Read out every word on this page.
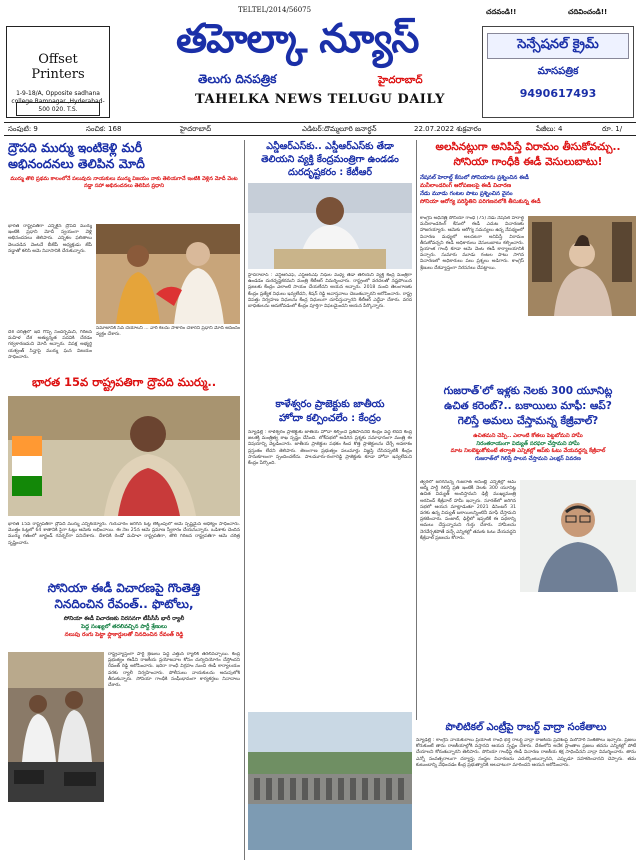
Offset Printers
1-9-18/A, Opposite sadhana college Ramnagar ,Hyderabad-500 020. T.S.
TELTEL/2014/56075
తహెల్కా న్యూస్
తెలుగు దినపత్రిక	హైదరాబాద్
TAHELKA NEWS TELUGU DAILY
చదవండి!!	చదివించండి!!
సెన్సేషనల్ క్రైమ్
మాసపత్రిక
9490617493
సంపుటి: 9	సంచిక: 168	హైదరాబాద్	ఎడిటర్:దొమ్మలూరి జనార్ధన్	22.07.2022 శుక్రవారం	పేజీలు: 4	రూ. 1/
ద్రౌపది ముర్ము ఇంటికెళ్లి మరీ
అభినందనలు తెలిపిన మోదీ
ముర్ము తొలి ప్రథమ కాలంలోనే పలువురు నాయకులు ముర్ము విజయం నాకు తెలియగానే ఇంటికి వెళ్లిన మోదీ వెంట నడ్డా సహా అభినందనలు తెలిపిన ప్రధాని
భారత రాష్ట్రపతిగా ఎన్నికైన ద్రౌపది ముర్ము ఇంటికి ప్రధాని మోదీ స్వయంగా వెళ్లి అభినందనలు తెలిపారు. ఎన్నికల ఫలితాలు వెలువడిన వెంటనే బీజేపీ అధ్యక్షుడు జేపీ నడ్డాతో కలిసి ఆమె నివాసానికి చేరుకున్నారు.
సమాజానికి సేవ చేయాలని ... వారి కలను సాకారం చేశారని ప్రధాని మోదీ ఆనందం వ్యక్తం చేశారు.
దేశ చరిత్రలో ఇది గొప్ప సందర్భమని, గిరిజన మహిళ దేశ అత్యున్నత పదవికి చేరడం గర్వకారణమని మోదీ అన్నారు. విపక్ష అభ్యర్థి యశ్వంత్ సిన్హాపై ముర్ము ఘన విజయం సాధించారు.
భారత 15వ రాష్ట్రపతిగా ద్రౌపది ముర్ము..
భారత 15వ రాష్ట్రపతిగా ద్రౌపది ముర్ము ఎన్నికయ్యారు. గురువారం జరిగిన ఓట్ల లెక్కింపులో ఆమె స్పష్టమైన ఆధిక్యం సాధించారు. మొత్తం ఓట్లలో 64 శాతానికి పైగా ఓట్లు ఆమెకు లభించాయి. ఈ నెల 25న ఆమె ప్రమాణ స్వీకారం చేయనున్నారు. ఒడిశాకు చెందిన ముర్ము గతంలో జార్ఖండ్ గవర్నర్‌గా పనిచేశారు. దేశానికి రెండో మహిళా రాష్ట్రపతిగా, తొలి గిరిజన రాష్ట్రపతిగా ఆమె చరిత్ర సృష్టించారు.
సోనియా ఈడీ విచారణపై గొంతెత్తి
నినదించిన రేవంత్.. ఫొటోలు,
సోనియా ఈడీ విచారణకు నిరసనగా టీపీసీసీ భారీ ర్యాలీ
పెద్ద సంఖ్యలో తరలివచ్చిన పార్టీ శ్రేణులు
నలుపు రంగు పెట్టా ఫ్లాకార్డులతో నినదించిన రేవంత్ రెడ్డి
రాష్ట్రవ్యాప్తంగా పార్టీ శ్రేణులు పెద్ద ఎత్తున ర్యాలీకి తరలివచ్చాయి. కేంద్ర ప్రభుత్వం ఈడీని రాజకీయ ప్రయోజనాల కోసం దుర్వినియోగం చేస్తోందని రేవంత్ రెడ్డి ఆరోపించారు. ఇదిరా గాంధీ విగ్రహం నుంచి ఈడీ కార్యాలయం వరకు ర్యాలీ నిర్వహించారు. పోలీసులు నాయకులను అదుపులోకి తీసుకున్నారు. సోనియా గాంధీకి సంఘీభావంగా కార్యకర్తలు నినాదాలు చేశారు.
ఎన్డీఆర్ఎస్‌కు.. ఎస్డీఆర్ఎస్‌కు తేడా
తెలియని వ్యక్తి కేంద్రమంత్రిగా ఉండడం
దురదృష్టకరం : కేటీఆర్
హైదరాబాద్ : ఎన్డీఆర్ఎఫ్, ఎస్డీఆర్ఎఫ్ నిధుల మధ్య తేడా తెలియని వ్యక్తి కేంద్ర మంత్రిగా ఉండడం దురదృష్టకరమని మంత్రి కేటీఆర్ విమర్శించారు. రాష్ట్రంలో వరదలతో నష్టపోయిన ప్రజలకు కేంద్రం ఎలాంటి సాయం చేయలేదని ఆయన అన్నారు. 2018 నుంచి తెలంగాణకు కేంద్రం ప్రత్యేక నిధులు ఇవ్వలేదని, కిషన్ రెడ్డి అవాస్తవాలు చెబుతున్నారని ఆరోపించారు. రాష్ట్ర విపత్తు నిర్వహణ నిధులను కేంద్ర నిధులుగా చూపిస్తున్నారని కేటీఆర్ ఎద్దేవా చేశారు. వరద బాధితులను ఆదుకోవడంలో కేంద్రం పూర్తిగా విఫలమైందని ఆయన పేర్కొన్నారు.
కాళేశ్వరం ప్రాజెక్టుకు జాతీయ
హోదా కల్పించలేం : కేంద్రం
న్యూఢిల్లీ : కాళేశ్వరం ప్రాజెక్టుకు జాతీయ హోదా కల్పించే ప్రతిపాదనేదీ కేంద్రం వద్ద లేదని కేంద్ర జలశక్తి మంత్రిత్వ శాఖ స్పష్టం చేసింది. లోక్‌సభలో అడిగిన ప్రశ్నకు సమాధానంగా మంత్రి ఈ విషయాన్ని వెల్లడించారు. జాతీయ ప్రాజెక్టుల పథకం కింద కొత్త ప్రాజెక్టులను చేర్చే అవకాశం ప్రస్తుతం లేదని తెలిపారు. తెలంగాణ ప్రభుత్వం పలుమార్లు విజ్ఞప్తి చేసినప్పటికీ కేంద్రం సానుకూలంగా స్పందించలేదు. పాలమూరు-రంగారెడ్డి ప్రాజెక్టుకు కూడా హోదా ఇవ్వలేమని కేంద్రం పేర్కొంది.
అలసినట్లుగా అనిపిస్తే విరామం తీసుకోవచ్చు..
సోనియా గాంధీకి ఈడీ వెసులుబాటు!
నేషనల్ హెరాల్డ్ కేసులో సోనియాను ప్రశ్నించిన ఈడీ
మనీలాండరింగ్ ఆరోపణలపై ఈడీ విచారణ
నేడు మూడు గంటల పాటు ప్రశ్నించిన వైనం
సోనియా ఆరోగ్య పరిస్థితిని పరిగణనలోకి తీసుకున్న ఈడీ
కాంగ్రెస్ అధినేత్రి సోనియా గాంధీ (75) నేడు నేషనల్ హెరాల్డ్ మనీలాండరింగ్ కేసులో ఈడీ ఎదుట విచారణకు హాజరయ్యారు. ఆమెకు ఆరోగ్య సమస్యలు ఉన్న నేపథ్యంలో విచారణ మధ్యలో అలసటగా అనిపిస్తే విరామం తీసుకోవచ్చని ఈడీ అధికారులు వెసులుబాటు కల్పించారు. ప్రియాంక గాంధీ కూడా ఆమె వెంట ఈడీ కార్యాలయానికి వచ్చారు. సుమారు మూడు గంటల పాటు సాగిన విచారణలో అధికారులు పలు ప్రశ్నలు అడిగారు. కాంగ్రెస్ శ్రేణులు దేశవ్యాప్తంగా నిరసనలు చేపట్టాయి.
గుజరాత్'లో ఇళ్లకు నెలకు 300 యూనిట్ల
ఉచిత కరెంట్?.. బకాయిలు మాఫీ: ఆప్?
గెలిస్తే అమలు చేస్తామన్న కేజ్రీవాల్?
ఉచితమని చెప్పి.. ఎలాంటి కోతలు పెట్టబోమని హామీ
నిరంతరాయంగా విద్యుత్ సరఫరా చేస్తామని హామీ
మాట నిలబెట్టుకోకుంటే తర్వాతి ఎన్నికల్లో ఆప్‌కు ఓటు వేయవద్దన్న కేజ్రీవాల్
గుజరాత్‌లో గెలిస్తే పాలన చేస్తామని ఎలక్షన్ వివరణ
త్వరలో జరగనున్న గుజరాత్ అసెంబ్లీ ఎన్నికల్లో ఆమ్ ఆద్మీ పార్టీ గెలిస్తే ప్రతి ఇంటికీ నెలకు 300 యూనిట్ల ఉచిత విద్యుత్ అందిస్తామని ఢిల్లీ ముఖ్యమంత్రి అరవింద్ కేజ్రీవాల్ హామీ ఇచ్చారు. సూరత్‌లో జరిగిన సభలో ఆయన మాట్లాడుతూ 2021 డిసెంబర్ 31 వరకు ఉన్న విద్యుత్ బకాయిలన్నింటినీ మాఫీ చేస్తామని ప్రకటించారు. పంజాబ్, ఢిల్లీలో ఇప్పటికే ఈ పథకాన్ని అమలు చేస్తున్నామని గుర్తు చేశారు. హామీలను నెరవేర్చకపోతే వచ్చే ఎన్నికల్లో తమకు ఓటు వేయవద్దని కేజ్రీవాల్ ప్రజలను కోరారు.
పొలిటికల్ ఎంట్రీపై రాబర్ట్ వాద్రా సంకేతాలు
న్యూఢిల్లీ : కాంగ్రెస్ నాయకురాలు ప్రియాంక గాంధీ భర్త రాబర్ట్ వాద్రా రాజకీయ ప్రవేశంపై మరోసారి సంకేతాలు ఇచ్చారు. ప్రజలు కోరుకుంటే తాను రాజకీయాల్లోకి వస్తానని ఆయన స్పష్టం చేశారు. దేశంలోని అనేక ప్రాంతాల ప్రజలు తనను ఎన్నికల్లో పోటీ చేయాలని కోరుతున్నారని తెలిపారు. సోనియా గాంధీపై ఈడీ విచారణ రాజకీయ కక్ష సాధింపేనని వాద్రా విమర్శించారు. తాను ఎన్నో సంవత్సరాలుగా దర్యాప్తు సంస్థల విచారణను ఎదుర్కొంటున్నానని, ఎప్పుడూ సహకరించానని చెప్పారు. తమ కుటుంబాన్ని వేధించడం కేంద్ర ప్రభుత్వానికి అలవాటుగా మారిందని ఆయన ఆరోపించారు.
